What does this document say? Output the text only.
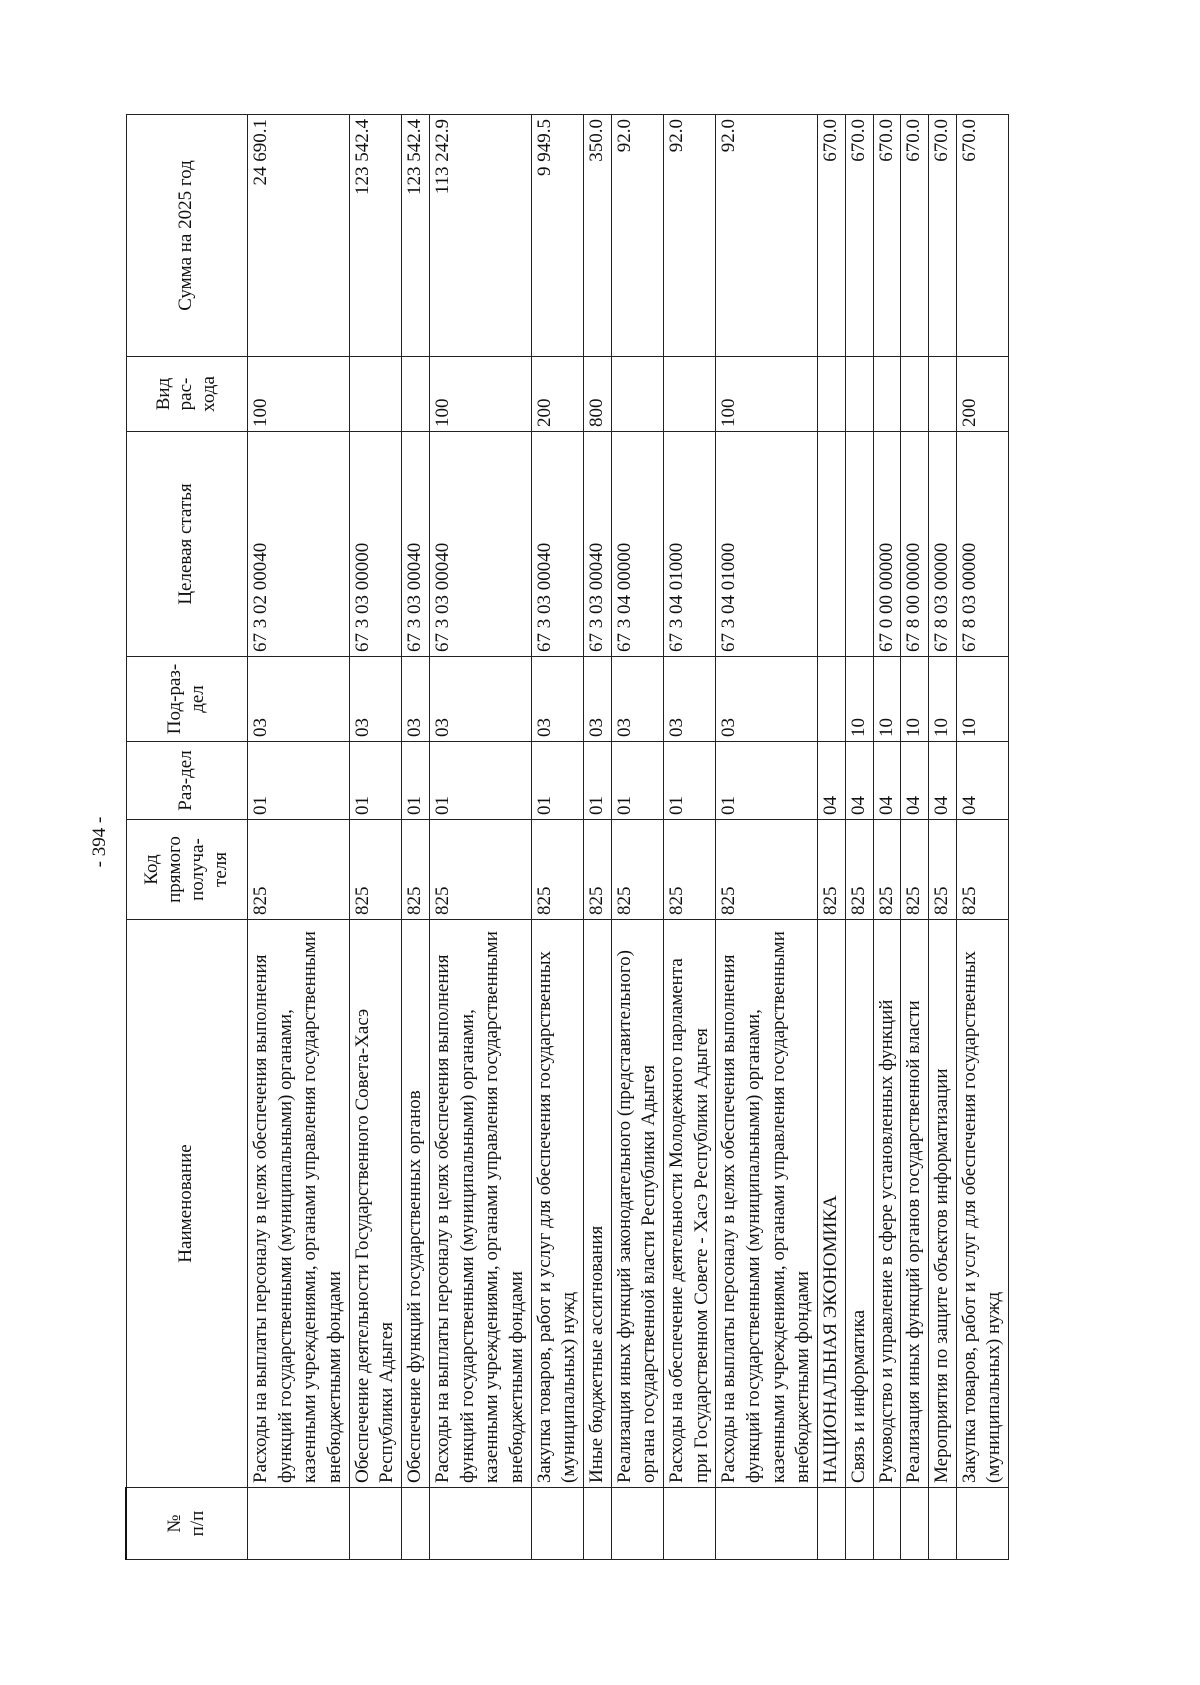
- 394 -
№
п/п	Наименование	Код прямого получа-теля	Раз-дел	Под-раз-дел	Целевая статья	Вид рас-хода	Сумма на 2025 год
	Расходы на выплаты персоналу в целях обеспечения выполнения функций государственными (муниципальными) органами, казенными учреждениями, органами управления государственными внебюджетными фондами	825	01	03	67 3 02 00040	100	24 690.1
	Обеспечение деятельности Государственного Совета-Хасэ Республики Адыгея	825	01	03	67 3 03 00000		123 542.4
	Обеспечение функций государственных органов	825	01	03	67 3 03 00040		123 542.4
	Расходы на выплаты персоналу в целях обеспечения выполнения функций государственными (муниципальными) органами, казенными учреждениями, органами управления государственными внебюджетными фондами	825	01	03	67 3 03 00040	100	113 242.9
	Закупка товаров, работ и услуг для обеспечения государственных (муниципальных) нужд	825	01	03	67 3 03 00040	200	9 949.5
	Иные бюджетные ассигнования	825	01	03	67 3 03 00040	800	350.0
	Реализация иных функций законодательного (представительного) органа государственной власти Республики Адыгея	825	01	03	67 3 04 00000		92.0
	Расходы на обеспечение деятельности Молодежного парламента при Государственном Совете - Хасэ Республики Адыгея	825	01	03	67 3 04 01000		92.0
	Расходы на выплаты персоналу в целях обеспечения выполнения функций государственными (муниципальными) органами, казенными учреждениями, органами управления государственными внебюджетными фондами	825	01	03	67 3 04 01000	100	92.0
	НАЦИОНАЛЬНАЯ ЭКОНОМИКА	825	04				670.0
	Связь и информатика	825	04	10			670.0
	Руководство и управление в сфере установленных функций	825	04	10	67 0 00 00000		670.0
	Реализация иных функций органов государственной власти	825	04	10	67 8 00 00000		670.0
	Мероприятия по защите объектов информатизации	825	04	10	67 8 03 00000		670.0
	Закупка товаров, работ и услуг для обеспечения государственных (муниципальных) нужд	825	04	10	67 8 03 00000	200	670.0
